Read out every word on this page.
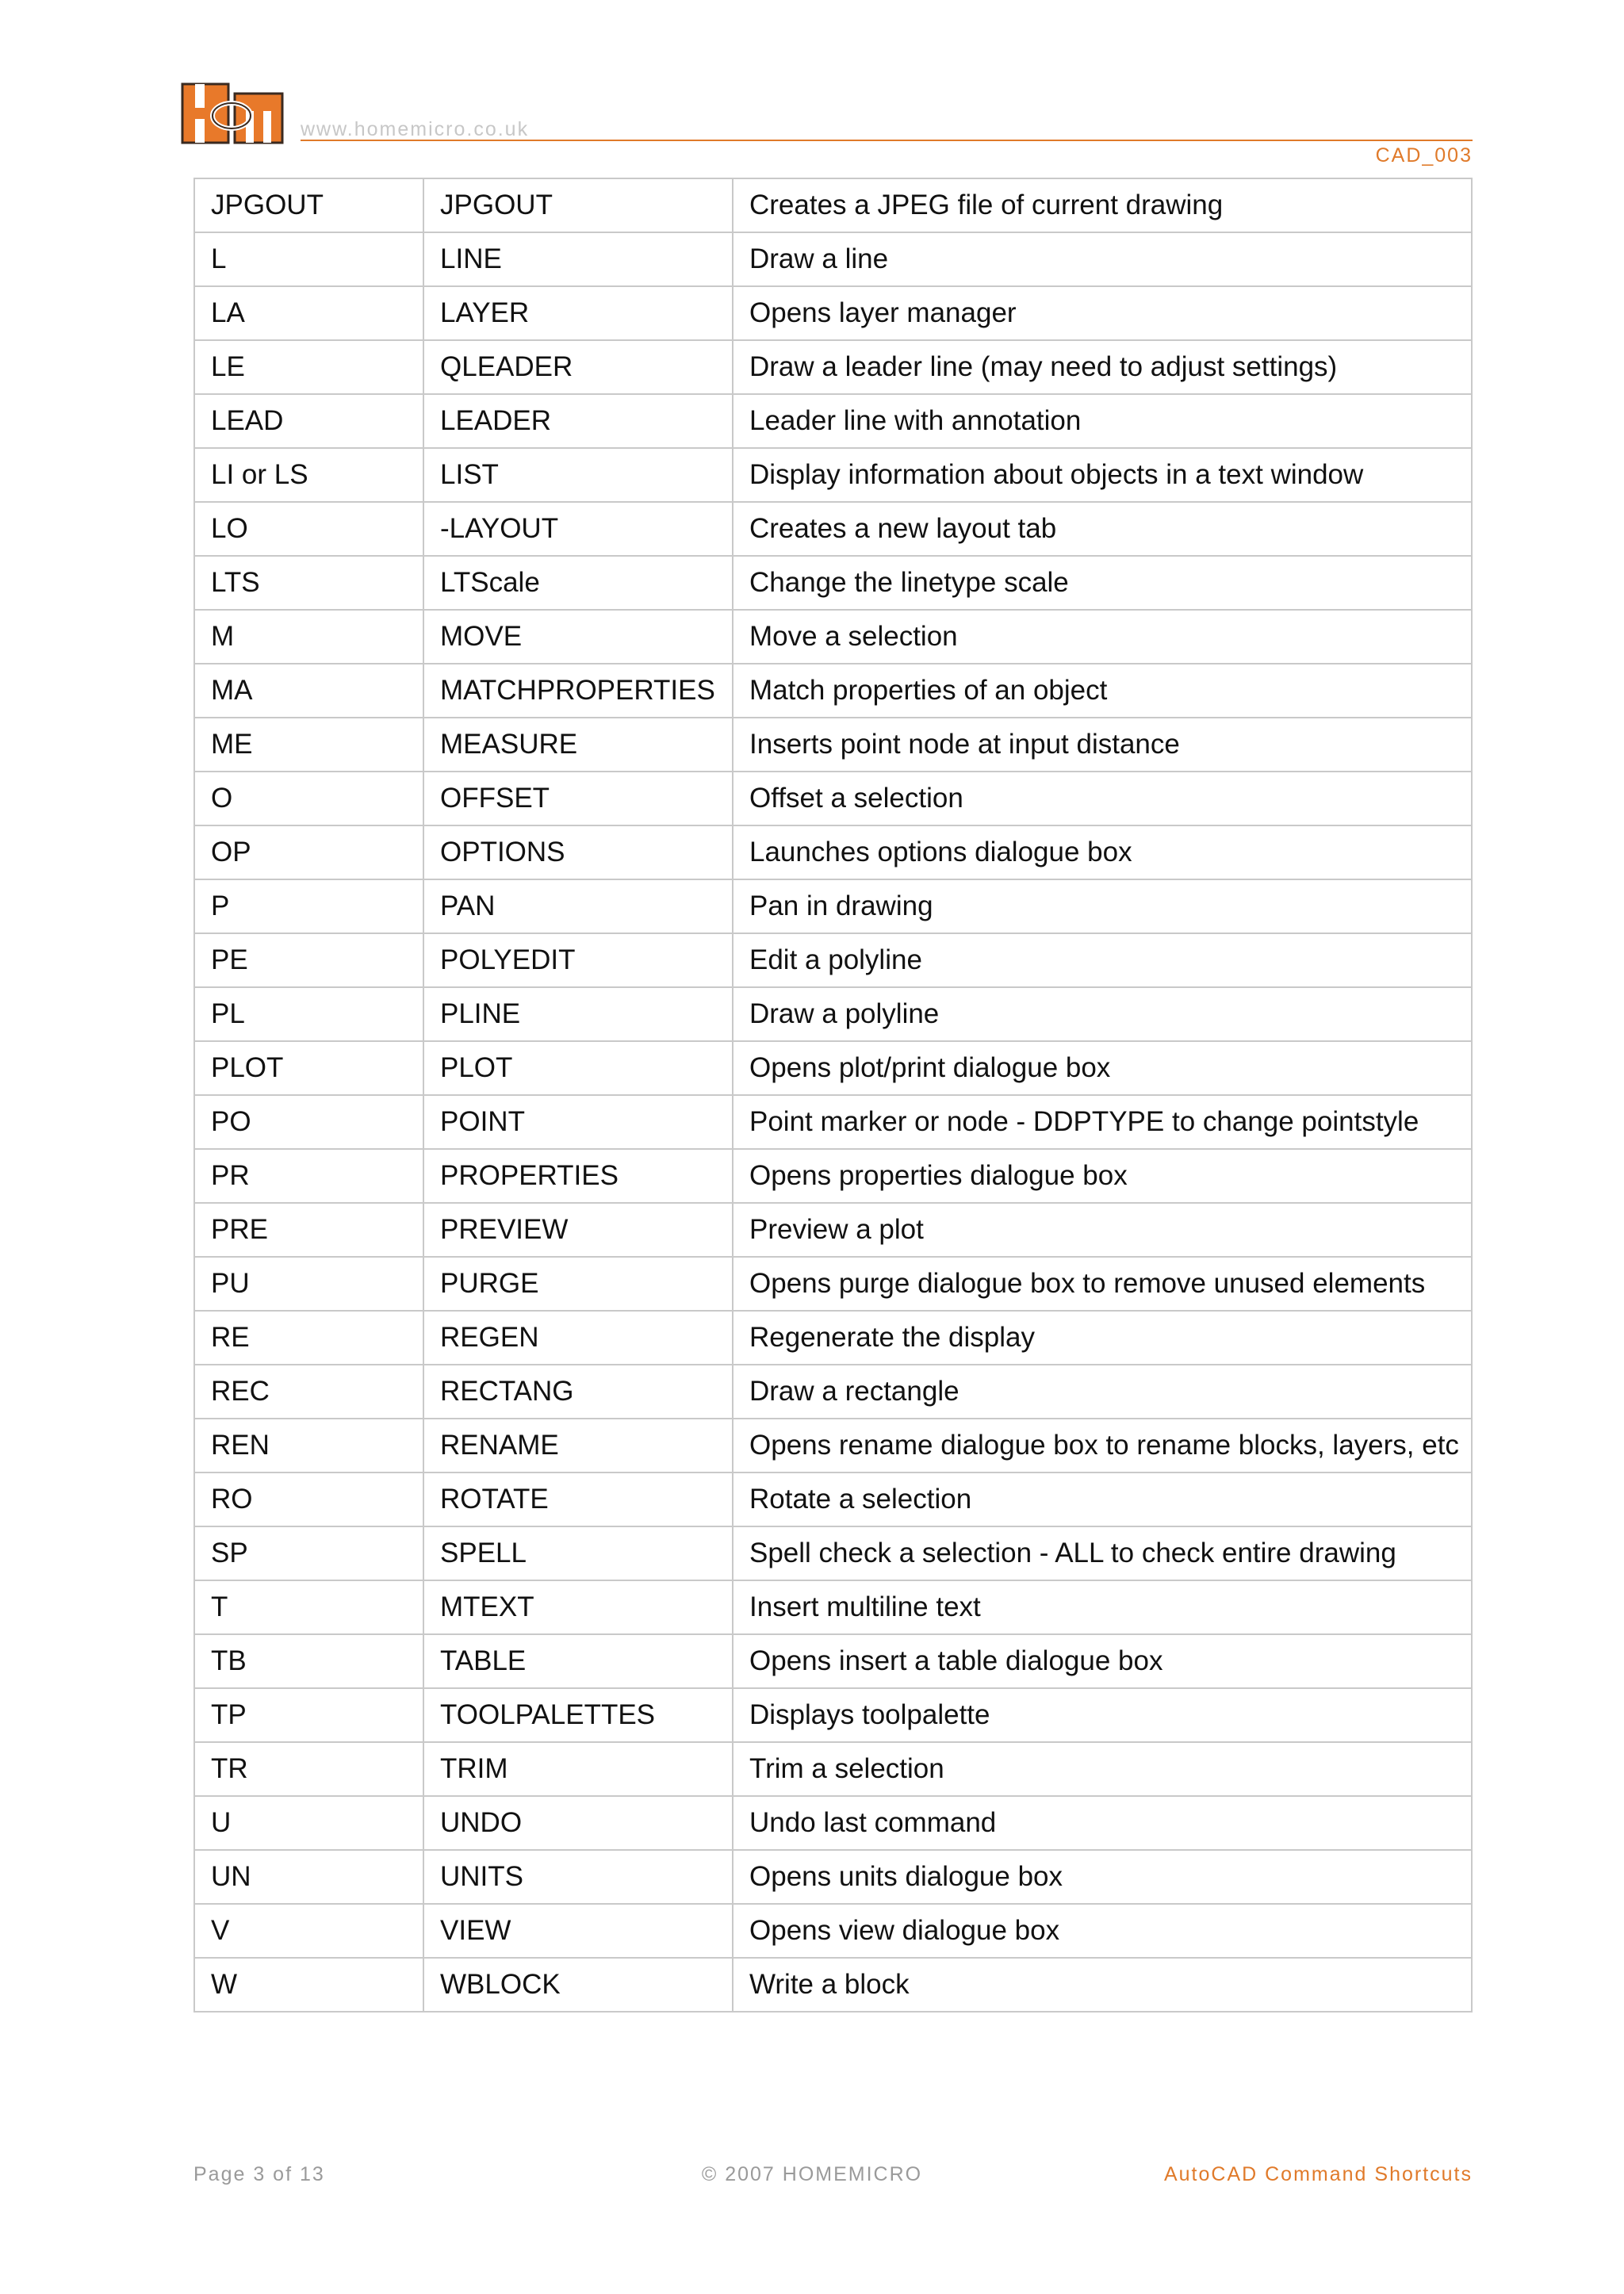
www.homemicro.co.uk
CAD_003
JPGOUT	JPGOUT	Creates a JPEG file of current drawing
L	LINE	Draw a line
LA	LAYER	Opens layer manager
LE	QLEADER	Draw a leader line (may need to adjust settings)
LEAD	LEADER	Leader line with annotation
LI or LS	LIST	Display information about objects in a text window
LO	-LAYOUT	Creates a new layout tab
LTS	LTScale	Change the linetype scale
M	MOVE	Move a selection
MA	MATCHPROPERTIES	Match properties of an object
ME	MEASURE	Inserts point node at input distance
O	OFFSET	Offset a selection
OP	OPTIONS	Launches options dialogue box
P	PAN	Pan in drawing
PE	POLYEDIT	Edit a polyline
PL	PLINE	Draw a polyline
PLOT	PLOT	Opens plot/print dialogue box
PO	POINT	Point marker or node - DDPTYPE to change pointstyle
PR	PROPERTIES	Opens properties dialogue box
PRE	PREVIEW	Preview a plot
PU	PURGE	Opens purge dialogue box to remove unused elements
RE	REGEN	Regenerate the display
REC	RECTANG	Draw a rectangle
REN	RENAME	Opens rename dialogue box to rename blocks, layers, etc
RO	ROTATE	Rotate a selection
SP	SPELL	Spell check a selection - ALL to check entire drawing
T	MTEXT	Insert multiline text
TB	TABLE	Opens insert a table dialogue box
TP	TOOLPALETTES	Displays toolpalette
TR	TRIM	Trim a selection
U	UNDO	Undo last command
UN	UNITS	Opens units dialogue box
V	VIEW	Opens view dialogue box
W	WBLOCK	Write a block
Page 3 of 13	© 2007 HOMEMICRO	AutoCAD Command Shortcuts
